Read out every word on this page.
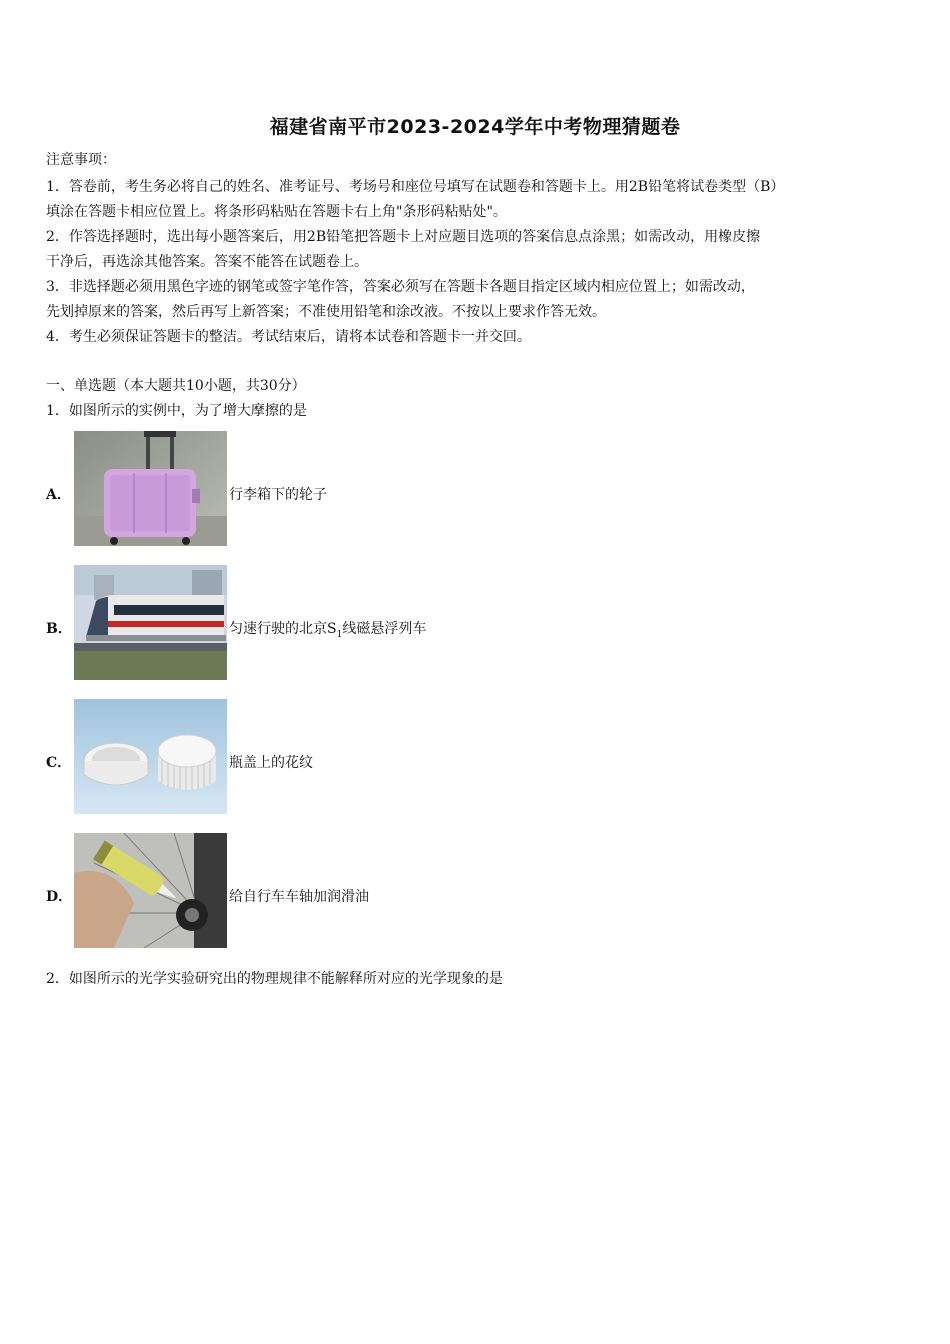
福建省南平市2023-2024学年中考物理猜题卷
注意事项：
1．答卷前，考生务必将自己的姓名、准考证号、考场号和座位号填写在试题卷和答题卡上。用2B铅笔将试卷类型（B）
填涂在答题卡相应位置上。将条形码粘贴在答题卡右上角"条形码粘贴处"。
2．作答选择题时，选出每小题答案后，用2B铅笔把答题卡上对应题目选项的答案信息点涂黑；如需改动，用橡皮擦
干净后，再选涂其他答案。答案不能答在试题卷上。
3．非选择题必须用黑色字迹的钢笔或签字笔作答，答案必须写在答题卡各题目指定区域内相应位置上；如需改动，
先划掉原来的答案，然后再写上新答案；不准使用铅笔和涂改液。不按以上要求作答无效。
4．考生必须保证答题卡的整洁。考试结束后，请将本试卷和答题卡一并交回。
一、单选题（本大题共10小题，共30分）
1．如图所示的实例中，为了增大摩擦的是
A．	行李箱下的轮子
B．	匀速行驶的北京$S_1$线磁悬浮列车
C．	瓶盖上的花纹
D．	给自行车车轴加润滑油
2．如图所示的光学实验研究出的物理规律不能解释所对应的光学现象的是
